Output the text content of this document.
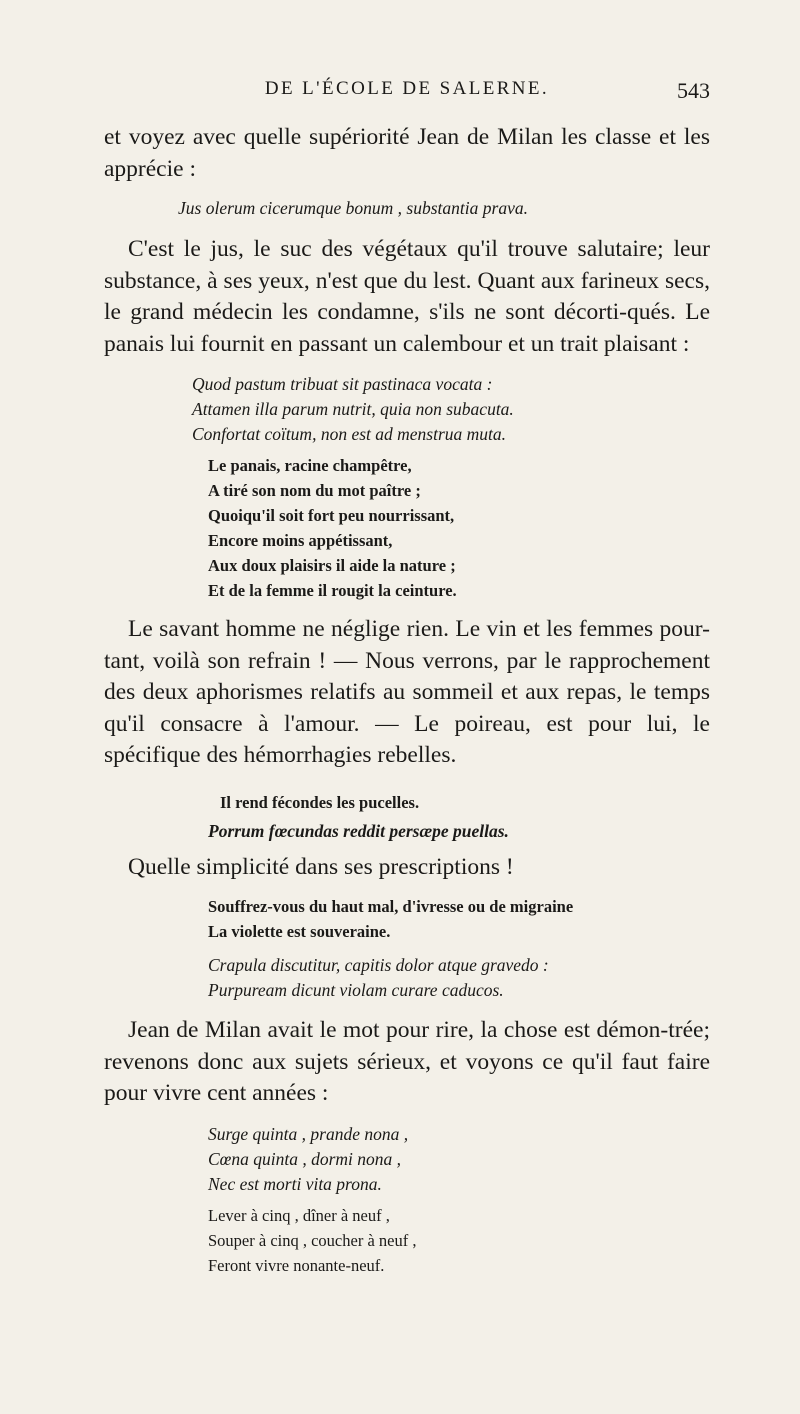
DE L'ÉCOLE DE SALERNE.	543

et voyez avec quelle supériorité Jean de Milan les classe et les apprécie :

Jus olerum cicerumque bonum , substantia prava.

C'est le jus, le suc des végétaux qu'il trouve salutaire; leur substance, à ses yeux, n'est que du lest. Quant aux farineux secs, le grand médecin les condamne, s'ils ne sont décorti-qués. Le panais lui fournit en passant un calembour et un trait plaisant :

Quod pastum tribuat sit pastinaca vocata :
Attamen illa parum nutrit, quia non subacuta.
Confortat coïtum, non est ad menstrua muta.
Le panais, racine champêtre,
A tiré son nom du mot paître ;
Quoiqu'il soit fort peu nourrissant,
Encore moins appétissant,
Aux doux plaisirs il aide la nature ;
Et de la femme il rougit la ceinture.

Le savant homme ne néglige rien. Le vin et les femmes pour-tant, voilà son refrain ! — Nous verrons, par le rapprochement des deux aphorismes relatifs au sommeil et aux repas, le temps qu'il consacre à l'amour. — Le poireau, est pour lui, le spécifique des hémorrhagies rebelles.

Il rend fécondes les pucelles.
Porrum fœcundas reddit persæpe puellas.

Quelle simplicité dans ses prescriptions !

Souffrez-vous du haut mal, d'ivresse ou de migraine
La violette est souveraine.
Crapula discutitur, capitis dolor atque gravedo :
Purpuream dicunt violam curare caducos.

Jean de Milan avait le mot pour rire, la chose est démon-trée; revenons donc aux sujets sérieux, et voyons ce qu'il faut faire pour vivre cent années :

Surge quinta , prande nona ,
Cœna quinta , dormi nona ,
Nec est morti vita prona.
Lever à cinq , dîner à neuf ,
Souper à cinq , coucher à neuf ,
Feront vivre nonante-neuf.
